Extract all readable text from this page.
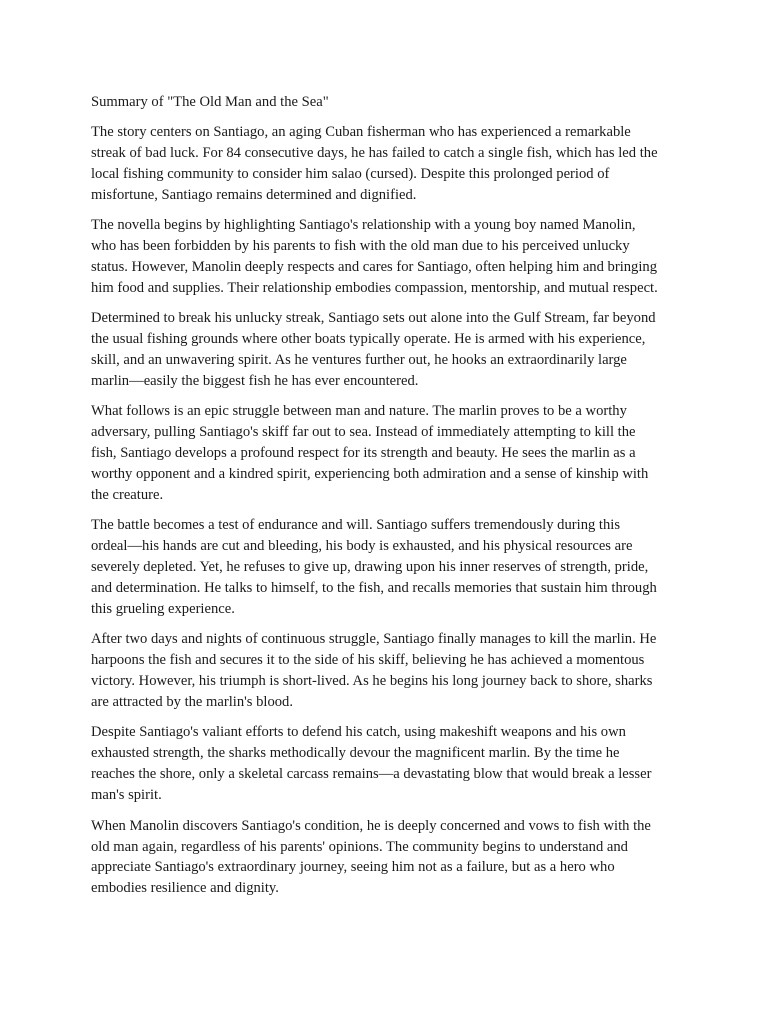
Summary of "The Old Man and the Sea"

The story centers on Santiago, an aging Cuban fisherman who has experienced a remarkable
streak of bad luck. For 84 consecutive days, he has failed to catch a single fish, which has led the
local fishing community to consider him salao (cursed). Despite this prolonged period of
misfortune, Santiago remains determined and dignified.

The novella begins by highlighting Santiago's relationship with a young boy named Manolin,
who has been forbidden by his parents to fish with the old man due to his perceived unlucky
status. However, Manolin deeply respects and cares for Santiago, often helping him and bringing
him food and supplies. Their relationship embodies compassion, mentorship, and mutual respect.

Determined to break his unlucky streak, Santiago sets out alone into the Gulf Stream, far beyond
the usual fishing grounds where other boats typically operate. He is armed with his experience,
skill, and an unwavering spirit. As he ventures further out, he hooks an extraordinarily large
marlin—easily the biggest fish he has ever encountered.

What follows is an epic struggle between man and nature. The marlin proves to be a worthy
adversary, pulling Santiago's skiff far out to sea. Instead of immediately attempting to kill the
fish, Santiago develops a profound respect for its strength and beauty. He sees the marlin as a
worthy opponent and a kindred spirit, experiencing both admiration and a sense of kinship with
the creature.

The battle becomes a test of endurance and will. Santiago suffers tremendously during this
ordeal—his hands are cut and bleeding, his body is exhausted, and his physical resources are
severely depleted. Yet, he refuses to give up, drawing upon his inner reserves of strength, pride,
and determination. He talks to himself, to the fish, and recalls memories that sustain him through
this grueling experience.

After two days and nights of continuous struggle, Santiago finally manages to kill the marlin. He
harpoons the fish and secures it to the side of his skiff, believing he has achieved a momentous
victory. However, his triumph is short-lived. As he begins his long journey back to shore, sharks
are attracted by the marlin's blood.

Despite Santiago's valiant efforts to defend his catch, using makeshift weapons and his own
exhausted strength, the sharks methodically devour the magnificent marlin. By the time he
reaches the shore, only a skeletal carcass remains—a devastating blow that would break a lesser
man's spirit.

When Manolin discovers Santiago's condition, he is deeply concerned and vows to fish with the
old man again, regardless of his parents' opinions. The community begins to understand and
appreciate Santiago's extraordinary journey, seeing him not as a failure, but as a hero who
embodies resilience and dignity.
